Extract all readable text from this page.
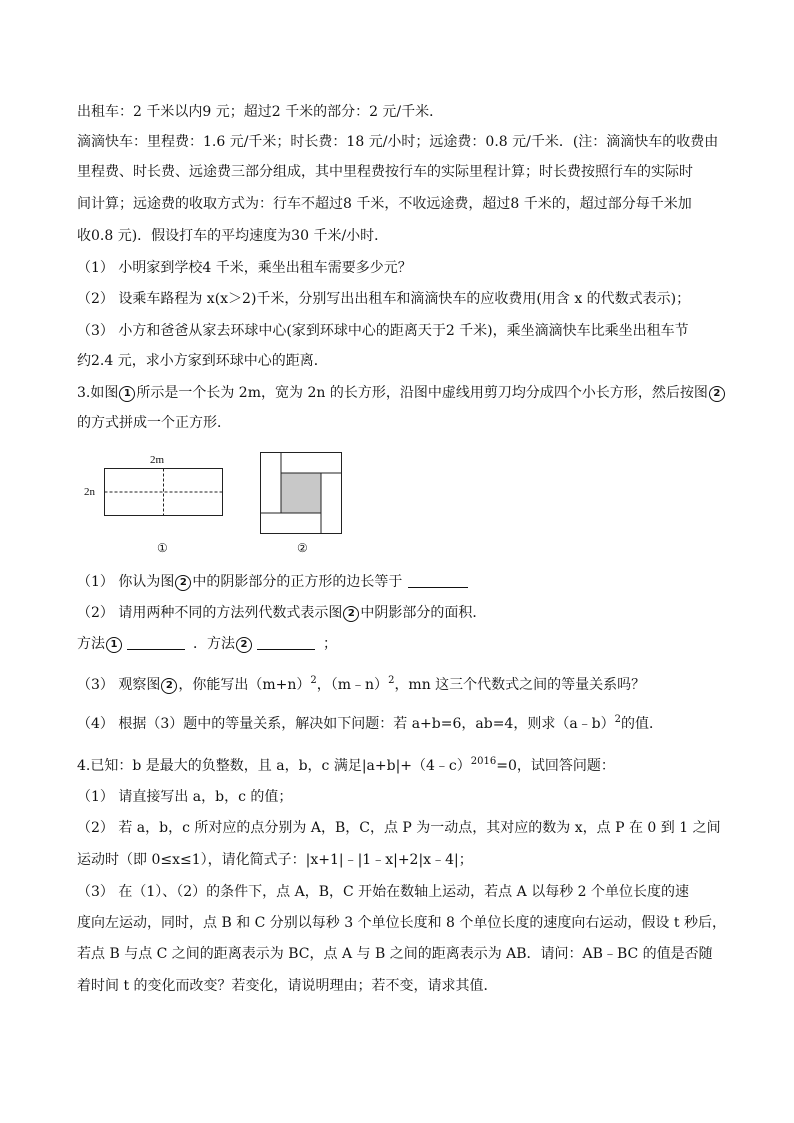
出租车：2 千米以内9 元；超过2 千米的部分：2 元/千米．
滴滴快车：里程费：1.6 元/千米；时长费：18 元/小时；远途费：0.8 元/千米．(注：滴滴快车的收费由
里程费、时长费、远途费三部分组成，其中里程费按行车的实际里程计算；时长费按照行车的实际时
间计算；远途费的收取方式为：行车不超过8 千米，不收远途费，超过8 千米的，超过部分每千米加
收0.8 元)．假设打车的平均速度为30 千米/小时．
（1） 小明家到学校4 千米，乘坐出租车需要多少元？
（2） 设乘车路程为 x(x＞2)千米，分别写出出租车和滴滴快车的应收费用(用含 x 的代数式表示)；
（3） 小方和爸爸从家去环球中心(家到环球中心的距离天于2 千米)，乘坐滴滴快车比乘坐出租车节
约2.4 元，求小方家到环球中心的距离．
3.如图 1 所示是一个长为 2m，宽为 2n 的长方形，沿图中虚线用剪刀均分成四个小长方形，然后按图 2
的方式拼成一个正方形．
2m
2n
①	②
（1） 你认为图 2 中的阴影部分的正方形的边长等于
（2） 请用两种不同的方法列代数式表示图 2 中阴影部分的面积．
方法 1	．方法 2	；
（3） 观察图 2 ，你能写出$(m+n)^2$，（m﹣n）$^2$，mn 这三个代数式之间的等量关系吗？
（4） 根据（3）题中的等量关系，解决如下问题：若 a+b=6，ab=4，则求（a﹣b）$^2$的值．
4.已知：b 是最大的负整数，且 a，b，c 满足|a+b|+（4﹣c）$^{2016}$=0，试回答问题：
（1） 请直接写出 a，b，c 的值；
（2） 若 a，b，c 所对应的点分别为 A，B，C，点 P 为一动点，其对应的数为 x，点 P 在 0 到 1 之间
运动时（即 0≤x≤1），请化简式子：|x+1|﹣|1﹣x|+2|x﹣4|；
（3） 在（1）、（2）的条件下，点 A，B，C 开始在数轴上运动，若点 A 以每秒 2 个单位长度的速
度向左运动，同时，点 B 和 C 分别以每秒 3 个单位长度和 8 个单位长度的速度向右运动，假设 t 秒后，
若点 B 与点 C 之间的距离表示为 BC，点 A 与 B 之间的距离表示为 AB．请问：AB﹣BC 的值是否随
着时间 t 的变化而改变？若变化，请说明理由；若不变，请求其值．
